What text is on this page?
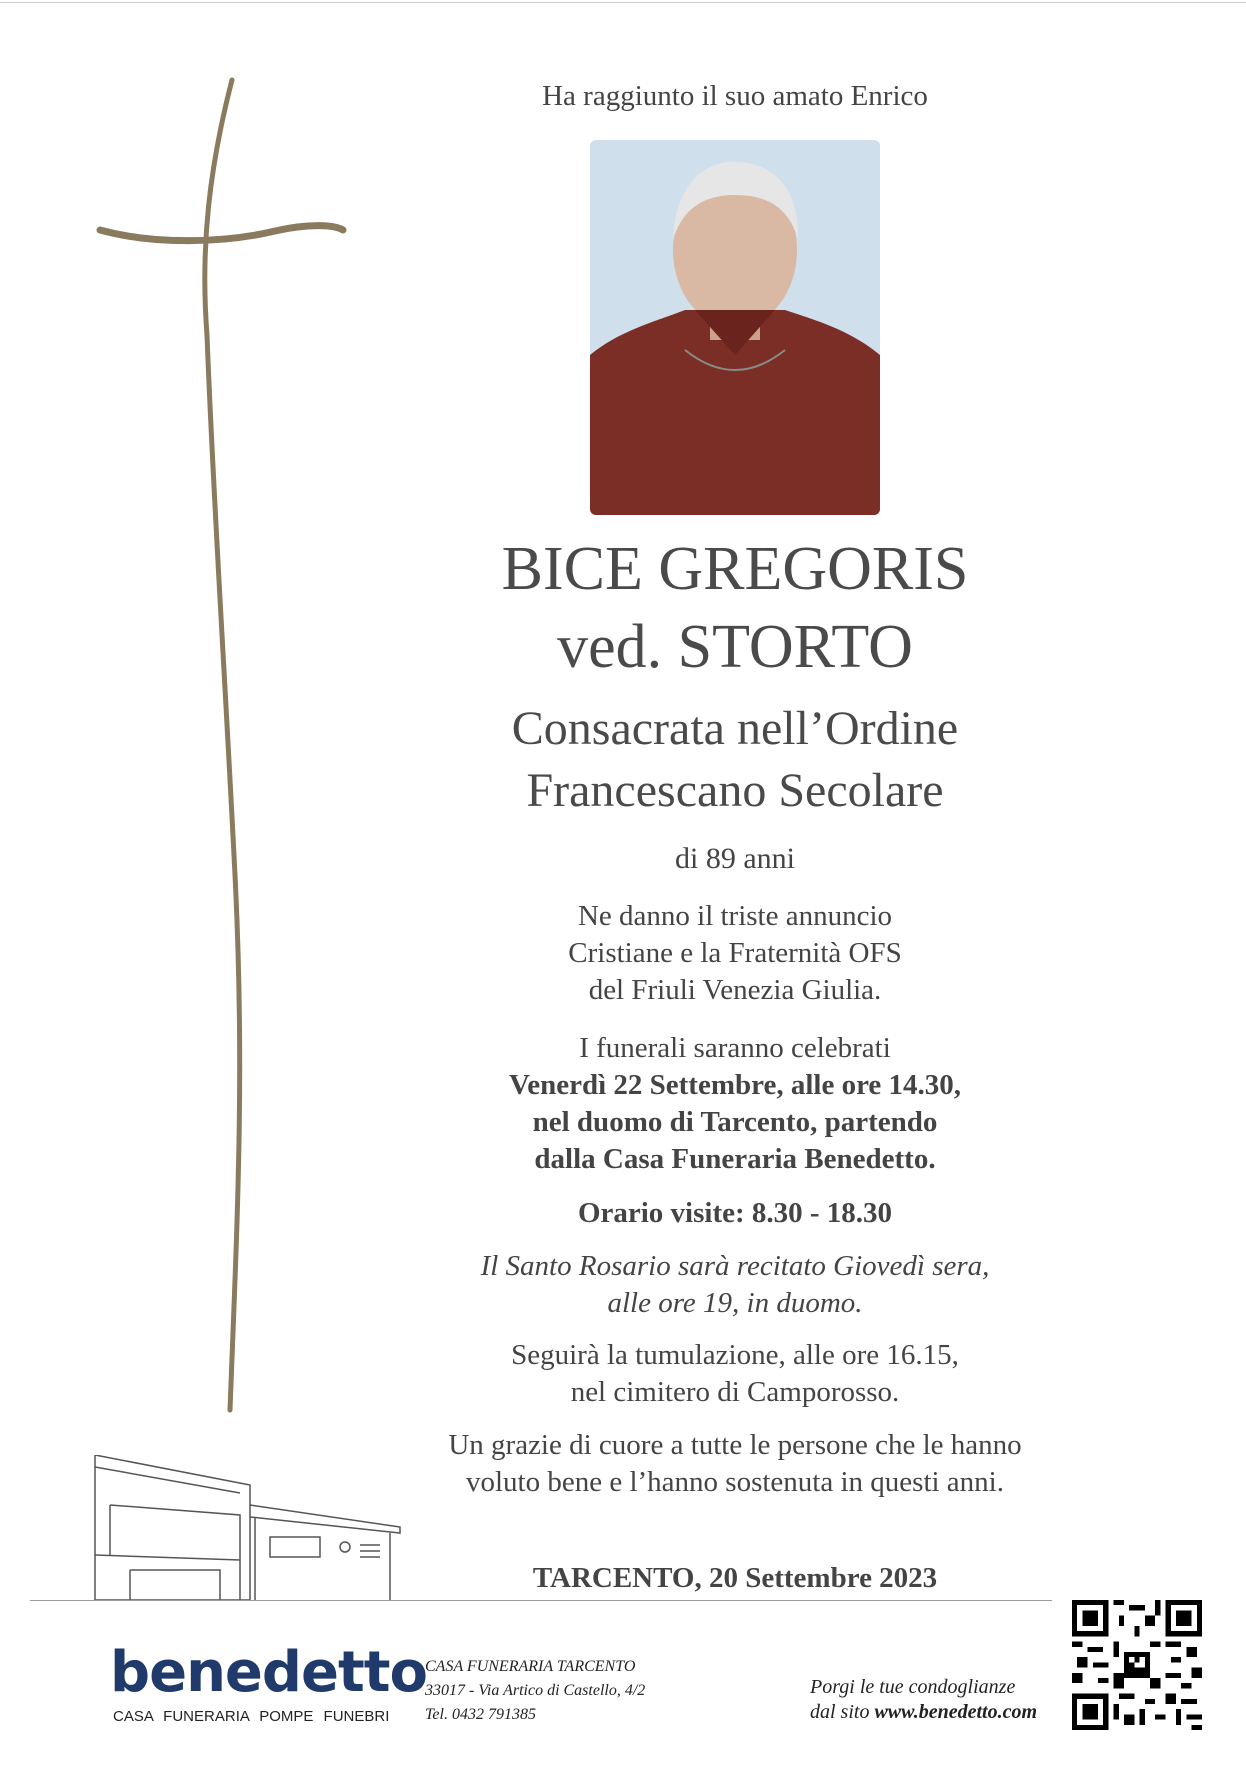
Ha raggiunto il suo amato Enrico
BICE GREGORIS
ved. STORTO
Consacrata nell’Ordine
Francescano Secolare
di 89 anni
Ne danno il triste annuncio
Cristiane e la Fraternità OFS
del Friuli Venezia Giulia.
I funerali saranno celebrati
Venerdì 22 Settembre, alle ore 14.30,
nel duomo di Tarcento, partendo
dalla Casa Funeraria Benedetto.
Orario visite: 8.30 - 18.30
Il Santo Rosario sarà recitato Giovedì sera,
alle ore 19, in duomo.
Seguirà la tumulazione, alle ore 16.15,
nel cimitero di Camporosso.
Un grazie di cuore a tutte le persone che le hanno
voluto bene e l’hanno sostenuta in questi anni.
TARCENTO, 20 Settembre 2023
benedetto
CASA FUNERARIA POMPE FUNEBRI
CASA FUNERARIA TARCENTO
33017 - Via Artico di Castello, 4/2
Tel. 0432 791385
Porgi le tue condoglianze
dal sito www.benedetto.com
